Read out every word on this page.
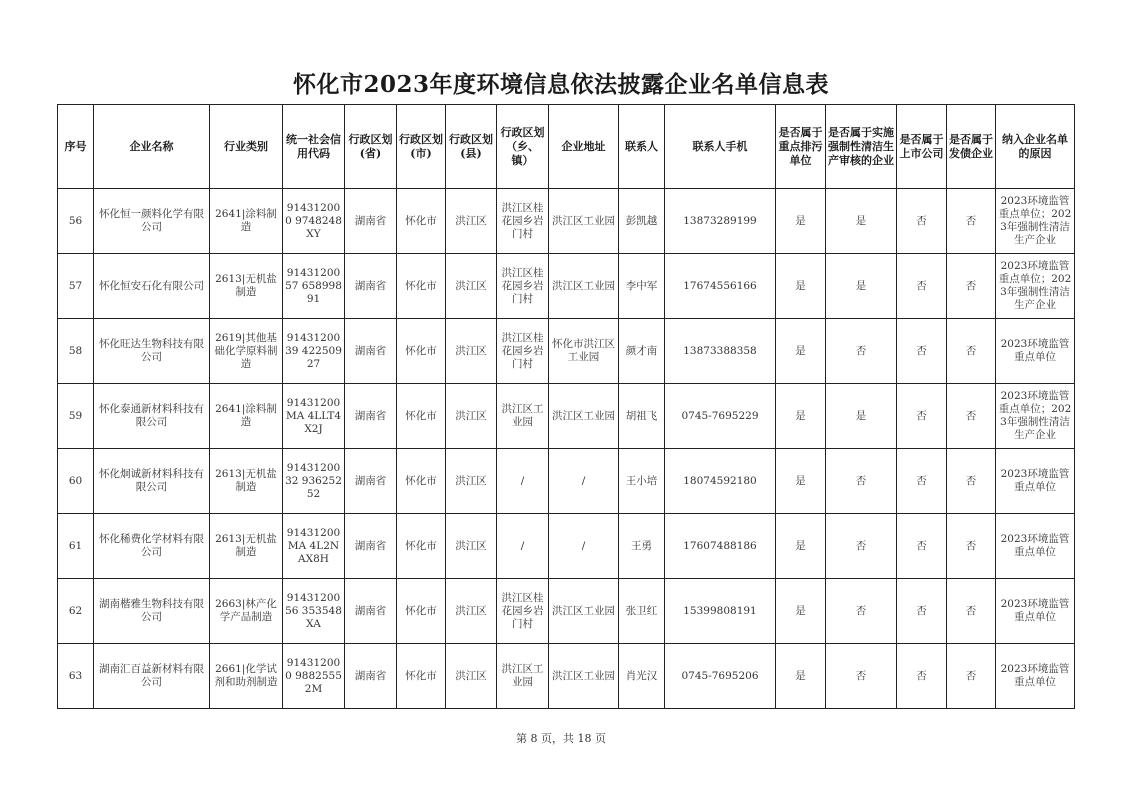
怀化市2023年度环境信息依法披露企业名单信息表
序号	企业名称	行业类别	统一社会信用代码	行政区划(省)	行政区划(市)	行政区划(县)	行政区划（乡、镇）	企业地址	联系人	联系人手机	是否属于重点排污单位	是否属于实施强制性清洁生产审核的企业	是否属于上市公司	是否属于发债企业	纳入企业名单的原因
56	怀化恒一颜料化学有限公司	2641|涂料制造	914312000 9748248XY	湖南省	怀化市	洪江区	洪江区桂花园乡岩门村	洪江区工业园	彭凯越	13873289199	是	是	否	否	2023环境监管重点单位；2023年强制性清洁生产企业
57	怀化恒安石化有限公司	2613|无机盐制造	9143120057 65899891	湖南省	怀化市	洪江区	洪江区桂花园乡岩门村	洪江区工业园	李中军	17674556166	是	是	否	否	2023环境监管重点单位；2023年强制性清洁生产企业
58	怀化旺达生物科技有限公司	2619|其他基础化学原料制造	9143120039 42250927	湖南省	怀化市	洪江区	洪江区桂花园乡岩门村	怀化市洪江区工业园	颜才南	13873388358	是	否	否	否	2023环境监管重点单位
59	怀化泰通新材料科技有限公司	2641|涂料制造	91431200MA 4LLT4X2J	湖南省	怀化市	洪江区	洪江区工业园	洪江区工业园	胡祖飞	0745-7695229	是	是	否	否	2023环境监管重点单位；2023年强制性清洁生产企业
60	怀化炯诚新材料科技有限公司	2613|无机盐制造	9143120032 93625252	湖南省	怀化市	洪江区	/	/	王小培	18074592180	是	否	否	否	2023环境监管重点单位
61	怀化稀费化学材料有限公司	2613|无机盐制造	91431200MA 4L2NAX8H	湖南省	怀化市	洪江区	/	/	王勇	17607488186	是	否	否	否	2023环境监管重点单位
62	湖南楷雅生物科技有限公司	2663|林产化学产品制造	9143120056 353548XA	湖南省	怀化市	洪江区	洪江区桂花园乡岩门村	洪江区工业园	张卫红	15399808191	是	否	否	否	2023环境监管重点单位
63	湖南汇百益新材料有限公司	2661|化学试剂和助剂制造	914312000 98825552M	湖南省	怀化市	洪江区	洪江区工业园	洪江区工业园	肖光汉	0745-7695206	是	否	否	否	2023环境监管重点单位
第 8 页，共 18 页
